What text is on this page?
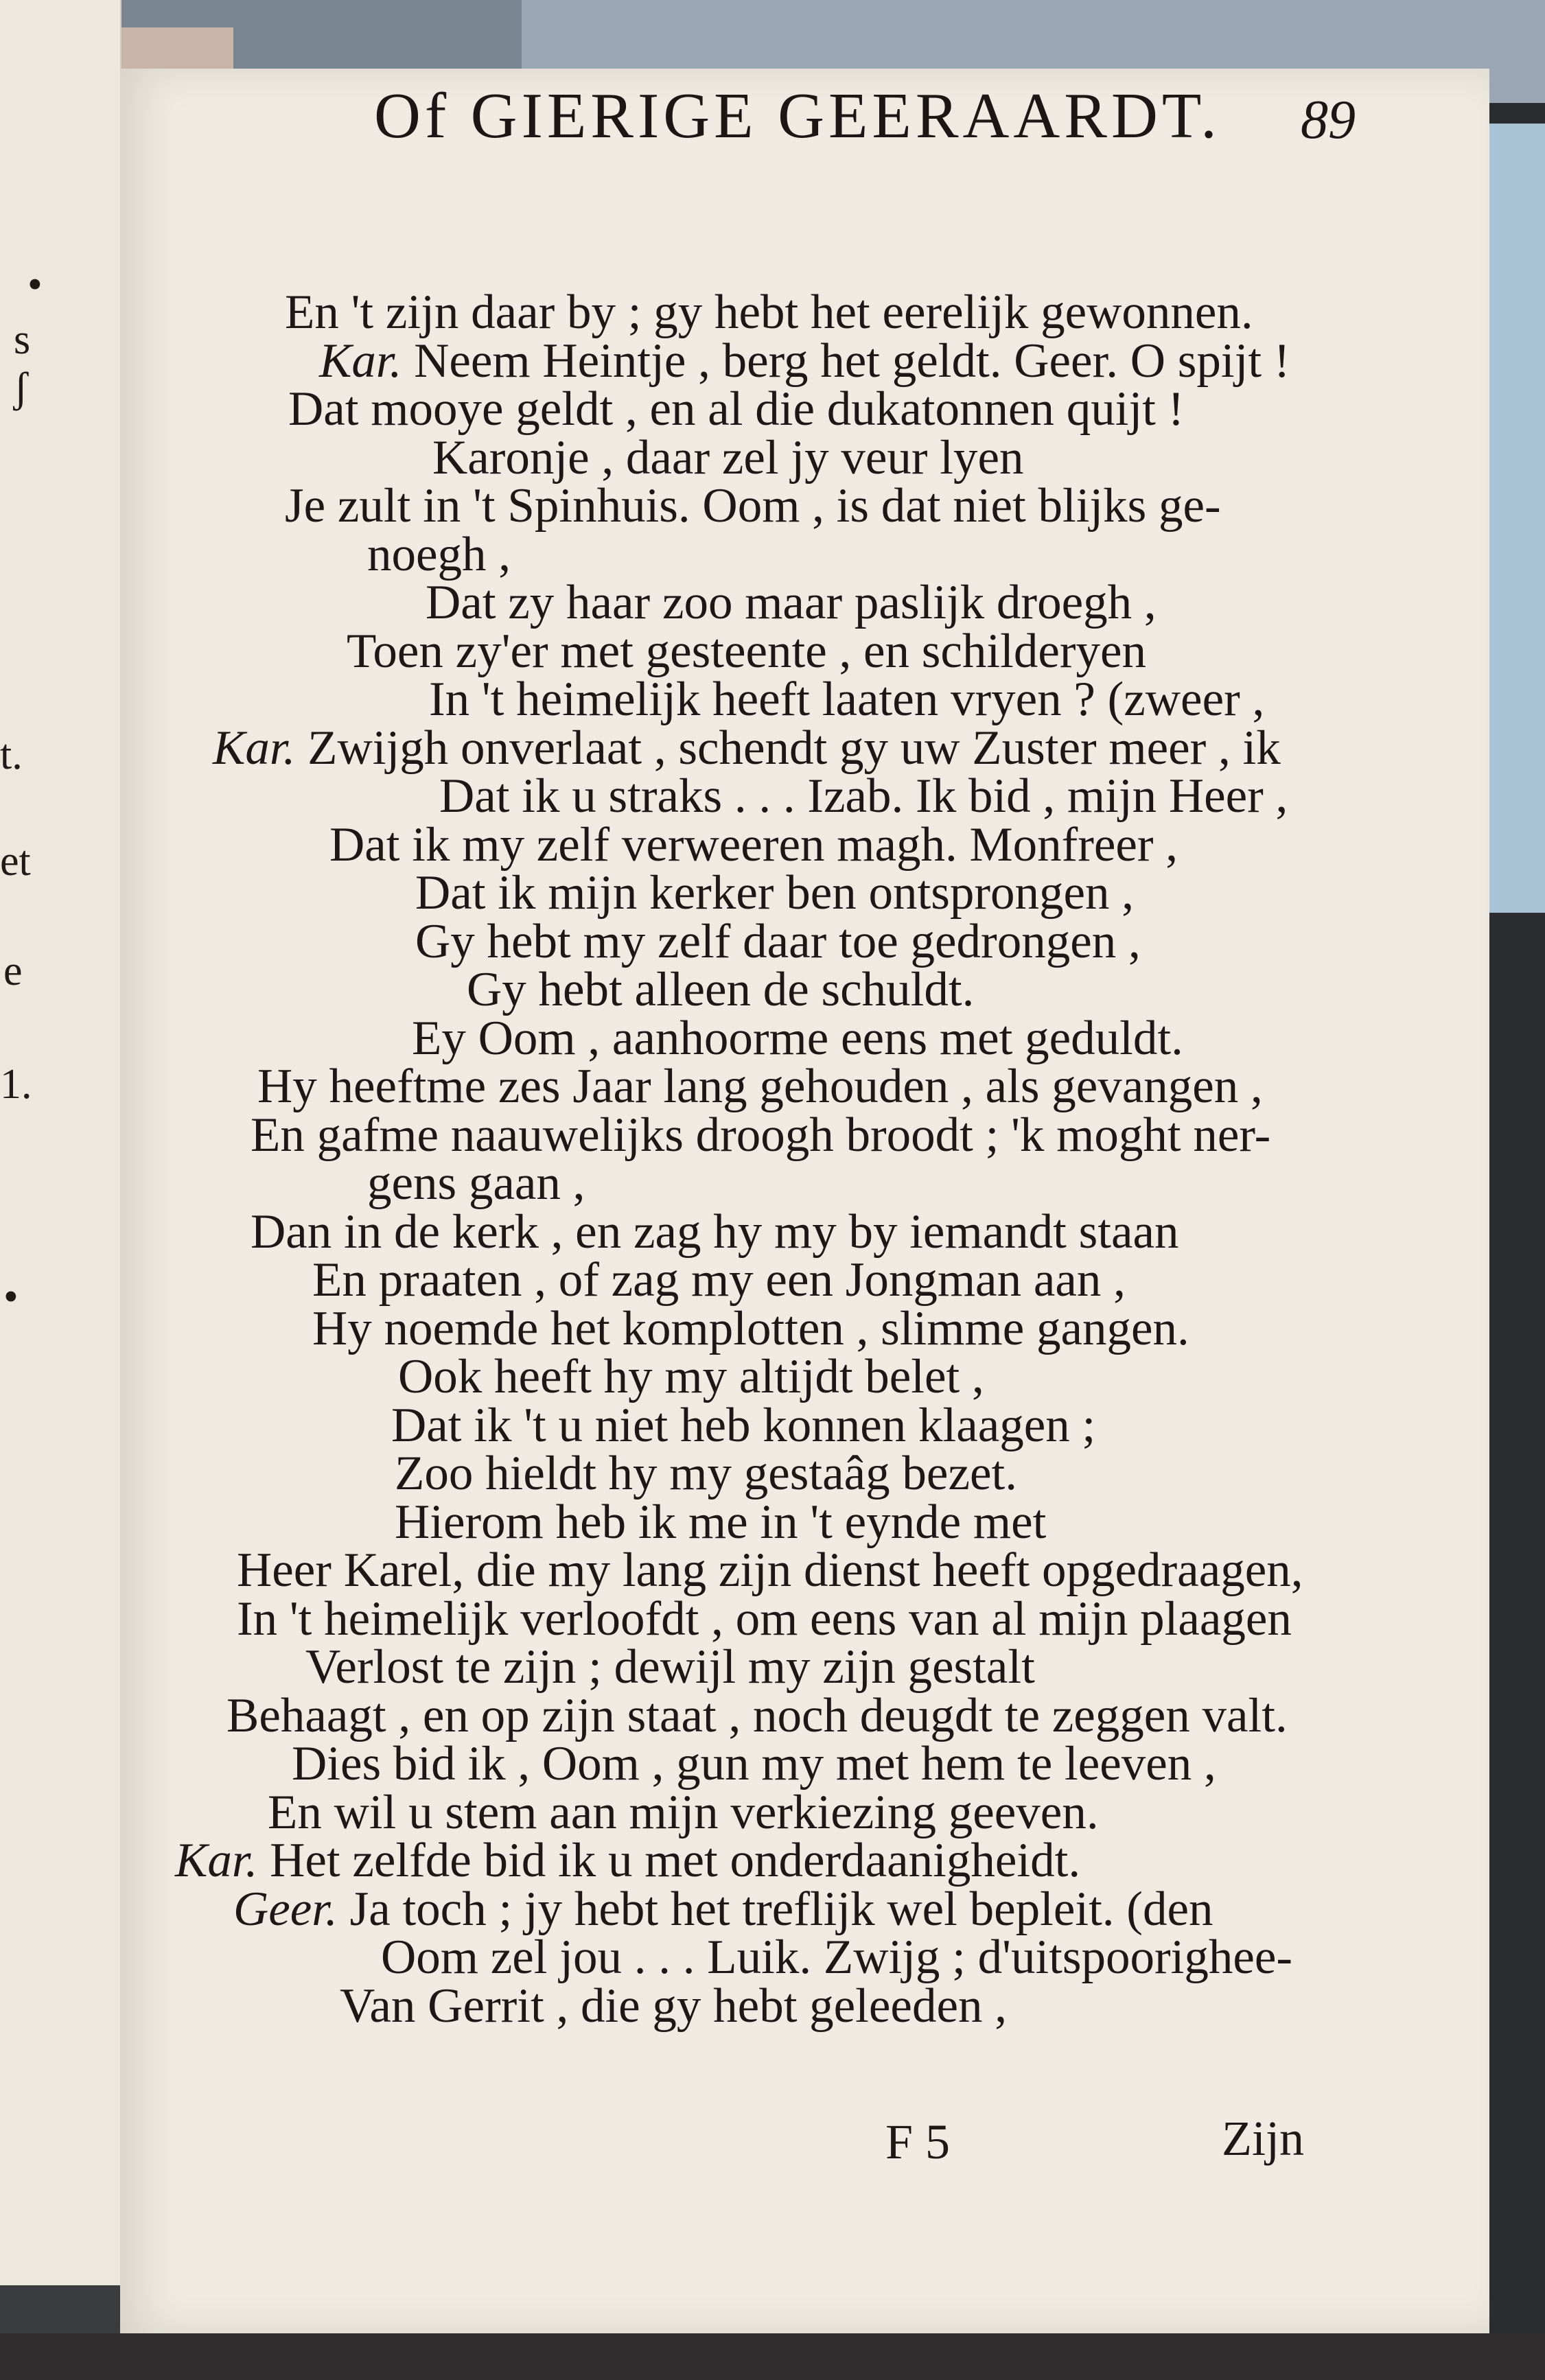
•
s
ʃ
t.
et
e
1.
•
Of GIERIGE GEERAARDT. 89
En 't zijn daar by ; gy hebt het eerelijk gewonnen.
Kar. Neem Heintje , berg het geldt. Geer. O spijt !
Dat mooye geldt , en al die dukatonnen quijt !
Karonje , daar zel jy veur lyen
Je zult in 't Spinhuis. Oom , is dat niet blijks ge-
noegh ,
Dat zy haar zoo maar paslijk droegh ,
Toen zy'er met gesteente , en schilderyen
In 't heimelijk heeft laaten vryen ? (zweer ,
Kar. Zwijgh onverlaat , schendt gy uw Zuster meer , ik
Dat ik u straks . . . Izab. Ik bid , mijn Heer ,
Dat ik my zelf verweeren magh. Monfreer ,
Dat ik mijn kerker ben ontsprongen ,
Gy hebt my zelf daar toe gedrongen ,
Gy hebt alleen de schuldt.
Ey Oom , aanhoorme eens met geduldt.
Hy heeftme zes Jaar lang gehouden , als gevangen ,
En gafme naauwelijks droogh broodt ; 'k moght ner-
gens gaan ,
Dan in de kerk , en zag hy my by iemandt staan
En praaten , of zag my een Jongman aan ,
Hy noemde het komplotten , slimme gangen.
Ook heeft hy my altijdt belet ,
Dat ik 't u niet heb konnen klaagen ;
Zoo hieldt hy my gestaâg bezet.
Hierom heb ik me in 't eynde met
Heer Karel, die my lang zijn dienst heeft opgedraagen,
In 't heimelijk verloofdt , om eens van al mijn plaagen
Verlost te zijn ; dewijl my zijn gestalt
Behaagt , en op zijn staat , noch deugdt te zeggen valt.
Dies bid ik , Oom , gun my met hem te leeven ,
En wil u stem aan mijn verkiezing geeven.
Kar. Het zelfde bid ik u met onderdaanigheidt.
Geer. Ja toch ; jy hebt het treflijk wel bepleit. (den
Oom zel jou . . . Luik. Zwijg ; d'uitspoorighee-
Van Gerrit , die gy hebt geleeden ,
F 5	Zijn
